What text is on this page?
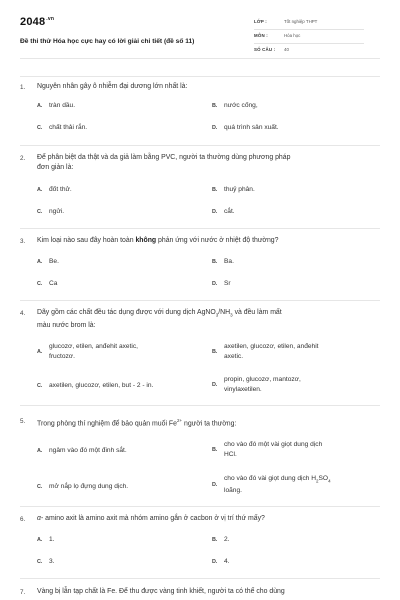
$2048^{.vn}$
Đề thi thử Hóa học cực hay có lời giải chi tiết (đề số 11)
LỚP :	Tốt nghiệp THPT
MÔN :	Hóa học
SỐ CÂU : 40
1. Nguyên nhân gây ô nhiễm đại dương lớn nhất là:
A. tràn dầu.	B. nước cống,
C. chất thải rắn.	D. quá trình sản xuất.
2. Để phân biệt da thật và da giả làm bằng PVC, người ta thường dùng phương pháp
đơn giản là:
A. đốt thử.	B. thuỷ phân.
C. ngửi.	D. cắt.
3. Kim loại nào sau đây hoàn toàn không phản ứng với nước ở nhiệt độ thường?
A. Be.	B. Ba.
C. Ca	D. Sr
4. Dãy gồm các chất đều tác dụng được với dung dịch $AgNO_3/NH_3$ và đều làm mất
màu nước brom là:
A.
glucozơ, etilen, anđehit axetic,
fructozơ.
B.
axetilen, glucozơ, etilen, anđehit
axetic.
C. axetilen, glucozơ, etilen, but - 2 - in.	D.
propin, glucozơ, mantozơ,
vinylaxetilen.
5. Trong phòng thí nghiệm để bảo quản muối $Fe^{2+}$ người ta thường:
A. ngâm vào đó một đinh sắt.	B.
cho vào đó một vài giọt dung dịch
HCl.
C. mở nắp lọ đựng dung dịch.	D.
cho vào đó vài giọt dung dịch $H_2SO_4$
loãng.
6. α- amino axit là amino axit mà nhóm amino gắn ở cacbon ở vị trí thứ mấy?
A. 1.	B. 2.
C. 3.	D. 4.
7. Vàng bị lẫn tạp chất là Fe. Để thu được vàng tinh khiết, người ta có thể cho dùng
